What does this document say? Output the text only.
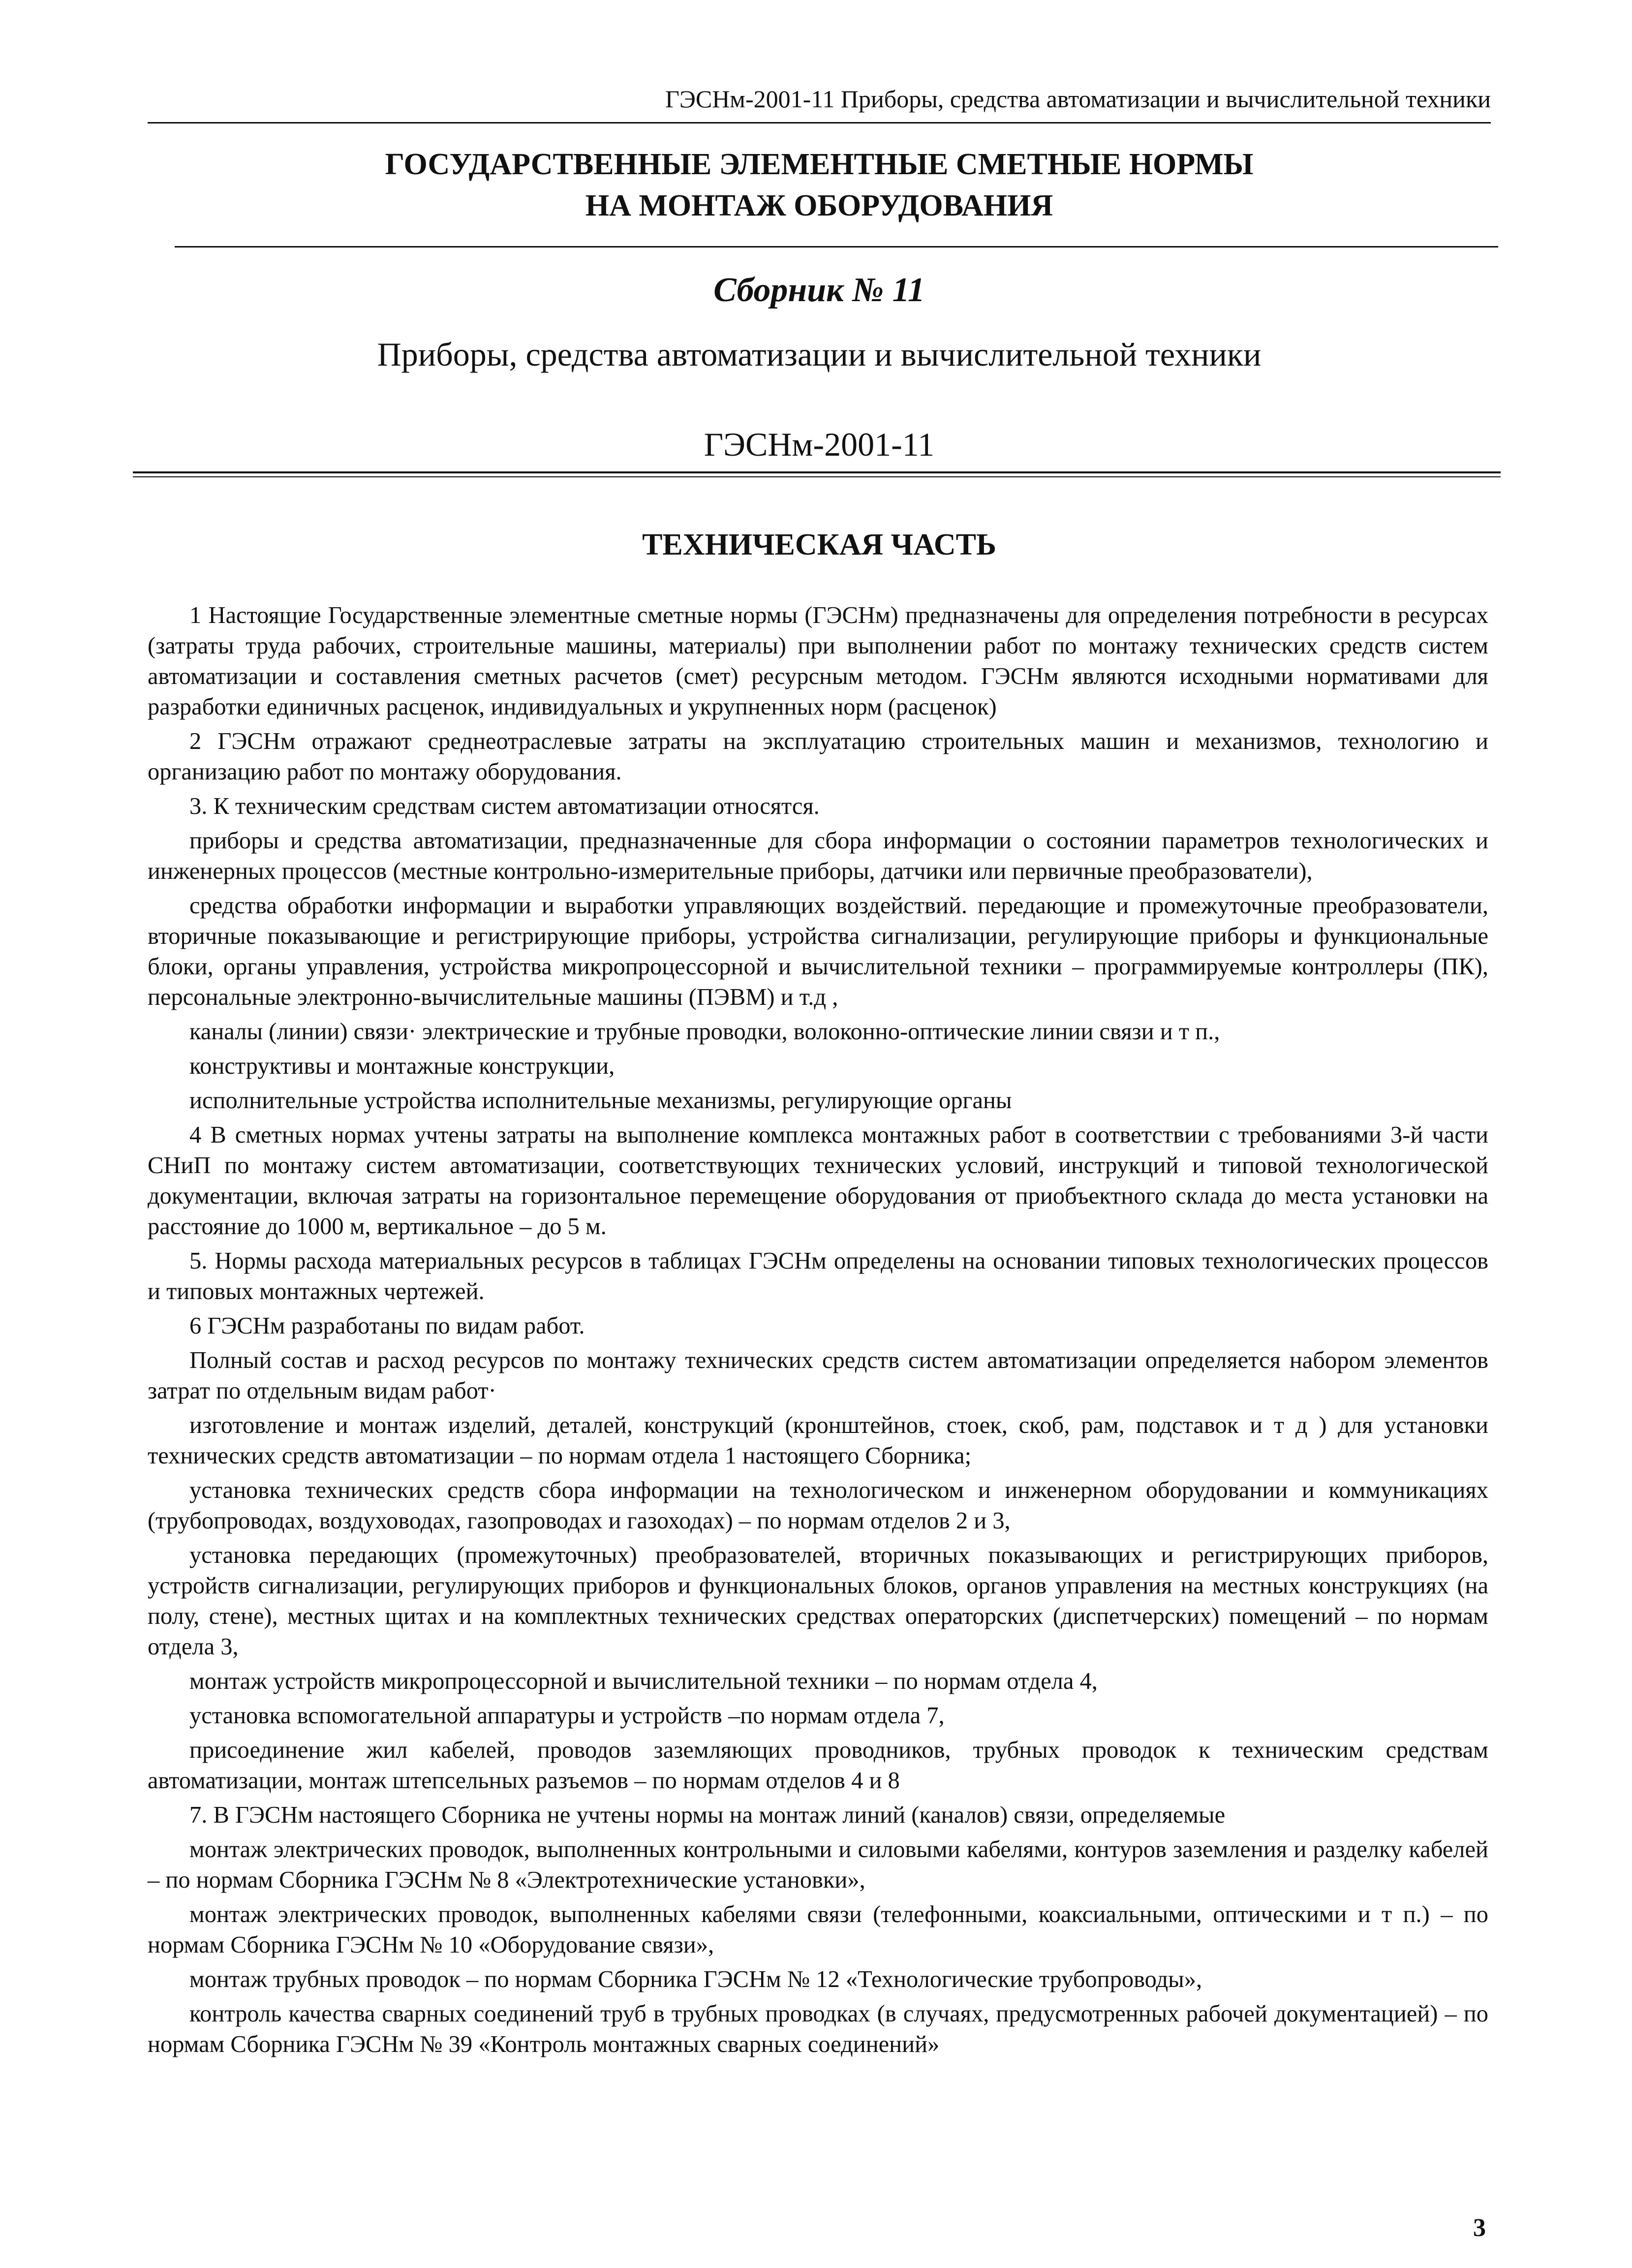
ГЭСНм-2001-11 Приборы, средства автоматизации и вычислительной техники
ГОСУДАРСТВЕННЫЕ ЭЛЕМЕНТНЫЕ СМЕТНЫЕ НОРМЫ
НА МОНТАЖ ОБОРУДОВАНИЯ
Сборник № 11
Приборы, средства автоматизации и вычислительной техники
ГЭСНм-2001-11
ТЕХНИЧЕСКАЯ ЧАСТЬ

1 Настоящие Государственные элементные сметные нормы (ГЭСНм) предназначены для определения потребности в ресурсах (затраты труда рабочих, строительные машины, материалы) при выполнении работ по монтажу технических средств систем автоматизации и составления сметных расчетов (смет) ресурсным методом. ГЭСНм являются исходными нормативами для разработки единичных расценок, индивидуальных и укрупненных норм (расценок)

2 ГЭСНм отражают среднеотраслевые затраты на эксплуатацию строительных машин и механизмов, технологию и организацию работ по монтажу оборудования.

3. К техническим средствам систем автоматизации относятся.

приборы и средства автоматизации, предназначенные для сбора информации о состоянии параметров технологических и инженерных процессов (местные контрольно-измерительные приборы, датчики или первичные преобразователи),

средства обработки информации и выработки управляющих воздействий. передающие и промежуточные преобразователи, вторичные показывающие и регистрирующие приборы, устройства сигнализации, регулирующие приборы и функциональные блоки, органы управления, устройства микропроцессорной и вычислительной техники – программируемые контроллеры (ПК), персональные электронно-вычислительные машины (ПЭВМ) и т.д ,

каналы (линии) связи· электрические и трубные проводки, волоконно-оптические линии связи и т п.,

конструктивы и монтажные конструкции,

исполнительные устройства исполнительные механизмы, регулирующие органы

4 В сметных нормах учтены затраты на выполнение комплекса монтажных работ в соответствии с требованиями 3-й части СНиП по монтажу систем автоматизации, соответствующих технических условий, инструкций и типовой технологической документации, включая затраты на горизонтальное перемещение оборудования от приобъектного склада до места установки на расстояние до 1000 м, вертикальное – до 5 м.

5. Нормы расхода материальных ресурсов в таблицах ГЭСНм определены на основании типовых технологических процессов и типовых монтажных чертежей.

6 ГЭСНм разработаны по видам работ.

Полный состав и расход ресурсов по монтажу технических средств систем автоматизации определяется набором элементов затрат по отдельным видам работ·

изготовление и монтаж изделий, деталей, конструкций (кронштейнов, стоек, скоб, рам, подставок и т д ) для установки технических средств автоматизации – по нормам отдела 1 настоящего Сборника;

установка технических средств сбора информации на технологическом и инженерном оборудовании и коммуникациях (трубопроводах, воздуховодах, газопроводах и газоходах) – по нормам отделов 2 и 3,

установка передающих (промежуточных) преобразователей, вторичных показывающих и регистрирующих приборов, устройств сигнализации, регулирующих приборов и функциональных блоков, органов управления на местных конструкциях (на полу, стене), местных щитах и на комплектных технических средствах операторских (диспетчерских) помещений – по нормам отдела 3,

монтаж устройств микропроцессорной и вычислительной техники – по нормам отдела 4,

установка вспомогательной аппаратуры и устройств –по нормам отдела 7,

присоединение жил кабелей, проводов заземляющих проводников, трубных проводок к техническим средствам автоматизации, монтаж штепсельных разъемов – по нормам отделов 4 и 8

7. В ГЭСНм настоящего Сборника не учтены нормы на монтаж линий (каналов) связи, определяемые

монтаж электрических проводок, выполненных контрольными и силовыми кабелями, контуров заземления и разделку кабелей – по нормам Сборника ГЭСНм № 8 «Электротехнические установки»,

монтаж электрических проводок, выполненных кабелями связи (телефонными, коаксиальными, оптическими и т п.) – по нормам Сборника ГЭСНм № 10 «Оборудование связи»,

монтаж трубных проводок – по нормам Сборника ГЭСНм № 12 «Технологические трубопроводы»,

контроль качества сварных соединений труб в трубных проводках (в случаях, предусмотренных рабочей документацией) – по нормам Сборника ГЭСНм № 39 «Контроль монтажных сварных соединений»

3
